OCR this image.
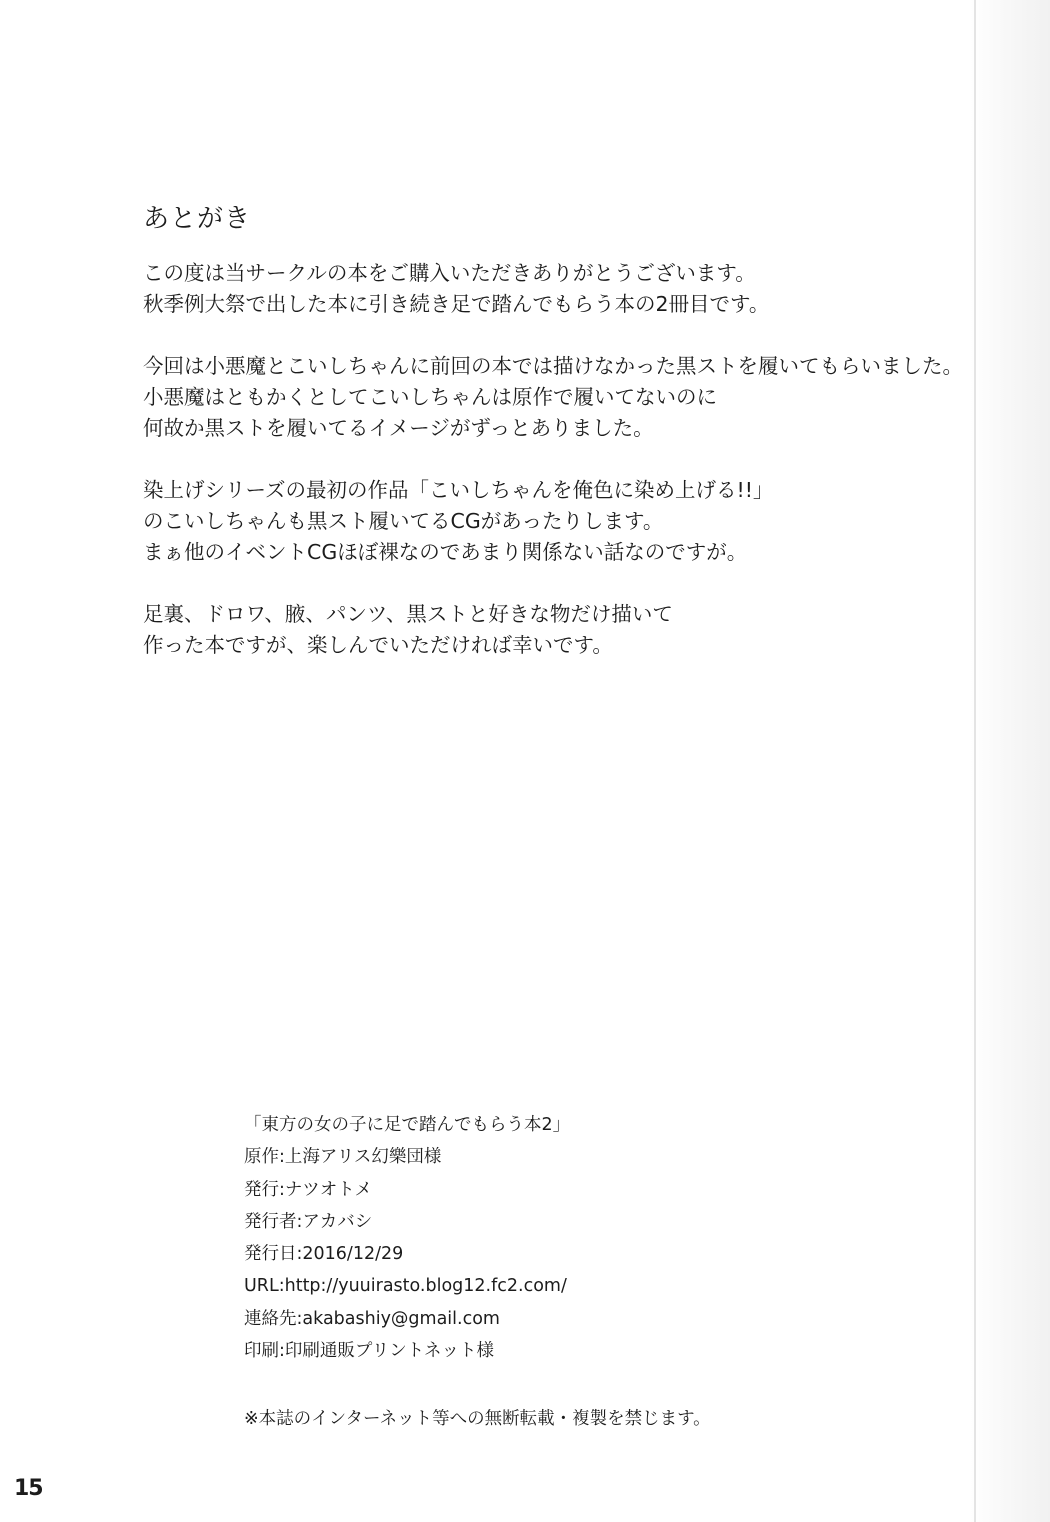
あとがき
この度は当サークルの本をご購入いただきありがとうございます。
秋季例大祭で出した本に引き続き足で踏んでもらう本の2冊目です。
今回は小悪魔とこいしちゃんに前回の本では描けなかった黒ストを履いてもらいました。
小悪魔はともかくとしてこいしちゃんは原作で履いてないのに
何故か黒ストを履いてるイメージがずっとありました。
染上げシリーズの最初の作品「こいしちゃんを俺色に染め上げる!!」
のこいしちゃんも黒スト履いてるCGがあったりします。
まぁ他のイベントCGほぼ裸なのであまり関係ない話なのですが。
足裏、ドロワ、腋、パンツ、黒ストと好きな物だけ描いて
作った本ですが、楽しんでいただければ幸いです。
「東方の女の子に足で踏んでもらう本2」
原作:上海アリス幻樂団様
発行:ナツオトメ
発行者:アカバシ
発行日:2016/12/29
URL:http://yuuirasto.blog12.fc2.com/
連絡先:akabashiy@gmail.com
印刷:印刷通販プリントネット様
※本誌のインターネット等への無断転載・複製を禁じます。
15
